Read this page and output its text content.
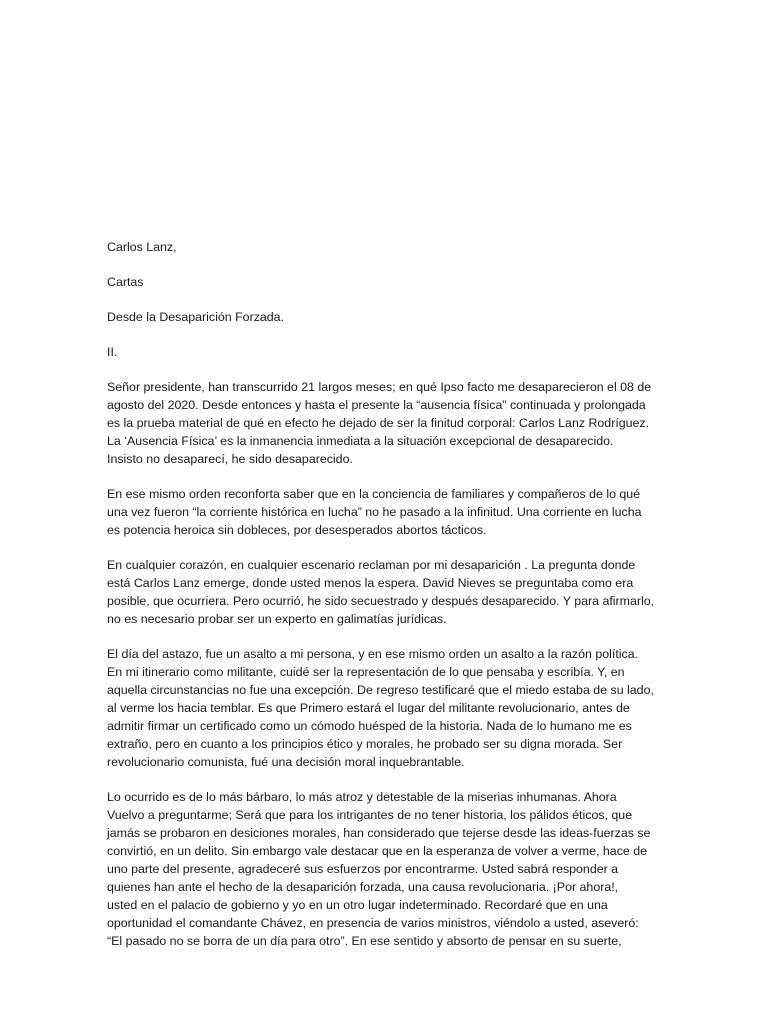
Carlos Lanz,
Cartas
Desde la Desaparición Forzada.
II.
Señor presidente, han transcurrido 21 largos meses; en qué Ipso facto me desaparecieron el 08 de
agosto del 2020. Desde entonces y hasta el presente la “ausencia física” continuada y prolongada
es la prueba material de qué en efecto he dejado de ser la finitud corporal: Carlos Lanz Rodríguez.
La ‘Ausencia Física’ es la inmanencia inmediata a la situación excepcional de desaparecido.
Insisto no desaparecí, he sido desaparecido.
En ese mismo orden reconforta saber que en la conciencia de familiares y compañeros de lo qué
una vez fueron “la corriente histórica en lucha” no he pasado a la infinitud. Una corriente en lucha
es potencia heroica sin dobleces, por desesperados abortos tácticos.
En cualquier corazón, en cualquier escenario reclaman por mi desaparición . La pregunta donde
está Carlos Lanz emerge, donde usted menos la espera. David Nieves se preguntaba como era
posible, que ocurriera. Pero ocurrió, he sido secuestrado y después desaparecido. Y para afirmarlo,
no es necesario probar ser un experto en galimatías jurídicas.
El día del astazo, fue un asalto a mi persona, y en ese mismo orden un asalto a la razón política.
En mi itinerario como militante, cuidé ser la representación de lo que pensaba y escribía. Y, en
aquella circunstancias no fue una excepción. De regreso testificaré que el miedo estaba de su lado,
al verme los hacia temblar. Es que Primero estará el lugar del militante revolucionario, antes de
admitir firmar un certificado como un cómodo huésped de la historia. Nada de lo humano me es
extraño, pero en cuanto a los principios ético y morales, he probado ser su digna morada. Ser
revolucionario comunista, fué una decisión moral inquebrantable.
Lo ocurrido es de lo más bárbaro, lo más atroz y detestable de la miserias inhumanas. Ahora
Vuelvo a preguntarme; Será que para los intrigantes de no tener historia, los pálidos éticos, que
jamás se probaron en desiciones morales, han considerado que tejerse desde las ideas-fuerzas se
convirtió, en un delito. Sin embargo vale destacar que en la esperanza de volver a verme, hace de
uno parte del presente, agradeceré sus esfuerzos por encontrarme. Usted sabrá responder a
quienes han ante el hecho de la desaparición forzada, una causa revolucionaria. ¡Por ahora!,
usted en el palacio de gobierno y yo en un otro lugar indeterminado. Recordaré que en una
oportunidad el comandante Chávez, en presencia de varios ministros, viéndolo a usted, aseveró:
“El pasado no se borra de un día para otro”. En ese sentido y absorto de pensar en su suerte,
